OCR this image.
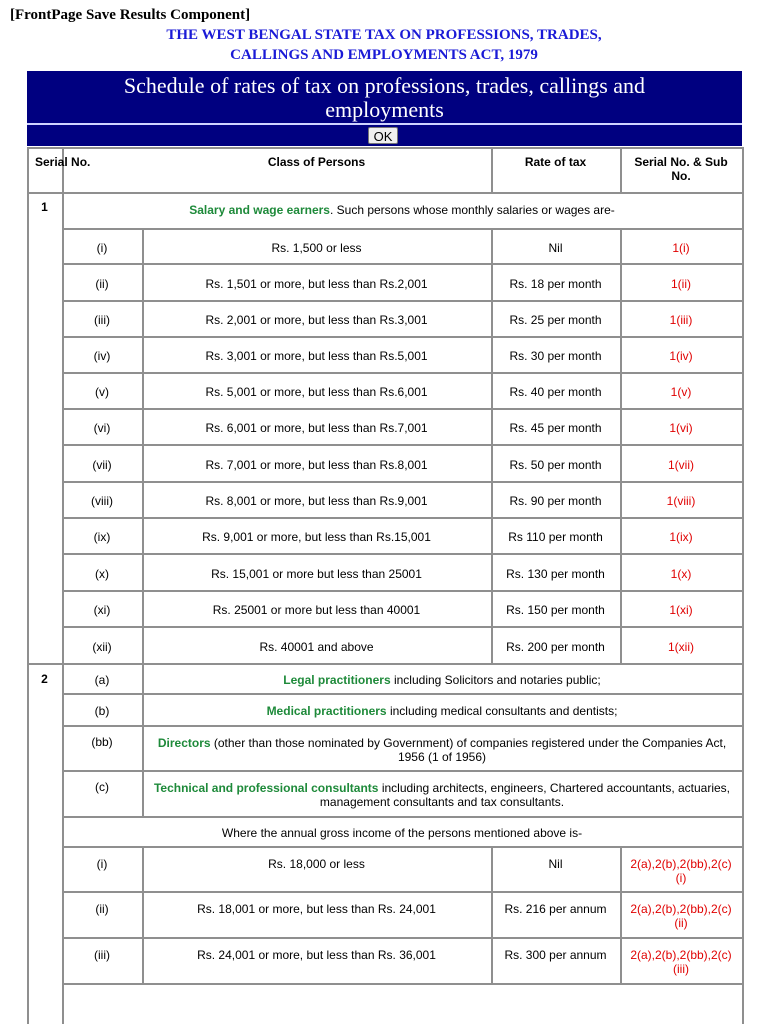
[FrontPage Save Results Component]
THE WEST BENGAL STATE TAX ON PROFESSIONS, TRADES,
CALLINGS AND EMPLOYMENTS ACT, 1979
Schedule of rates of tax on professions, trades, callings and
employments
OK
Serial No.	Class of Persons	Rate of tax	Serial No. & Sub No.
1	Salary and wage earners. Such persons whose monthly salaries or wages are-
(i)	Rs. 1,500 or less	Nil	1(i)
(ii)	Rs. 1,501 or more, but less than Rs.2,001	Rs. 18 per month	1(ii)
(iii)	Rs. 2,001 or more, but less than Rs.3,001	Rs. 25 per month	1(iii)
(iv)	Rs. 3,001 or more, but less than Rs.5,001	Rs. 30 per month	1(iv)
(v)	Rs. 5,001 or more, but less than Rs.6,001	Rs. 40 per month	1(v)
(vi)	Rs. 6,001 or more, but less than Rs.7,001	Rs. 45 per month	1(vi)
(vii)	Rs. 7,001 or more, but less than Rs.8,001	Rs. 50 per month	1(vii)
(viii)	Rs. 8,001 or more, but less than Rs.9,001	Rs. 90 per month	1(viii)
(ix)	Rs. 9,001 or more, but less than Rs.15,001	Rs 110 per month	1(ix)
(x)	Rs. 15,001 or more but less than 25001	Rs. 130 per month	1(x)
(xi)	Rs. 25001 or more but less than 40001	Rs. 150 per month	1(xi)
(xii)	Rs. 40001 and above	Rs. 200 per month	1(xii)
2	(a)	Legal practitioners including Solicitors and notaries public;
(b)	Medical practitioners including medical consultants and dentists;
(bb)	Directors (other than those nominated by Government) of companies registered under the Companies Act, 1956 (1 of 1956)
(c)	Technical and professional consultants including architects, engineers, Chartered accountants, actuaries, management consultants and tax consultants.
Where the annual gross income of the persons mentioned above is-
(i)	Rs. 18,000 or less	Nil	2(a),2(b),2(bb),2(c) (i)
(ii)	Rs. 18,001 or more, but less than Rs. 24,001	Rs. 216 per annum	2(a),2(b),2(bb),2(c) (ii)
(iii)	Rs. 24,001 or more, but less than Rs. 36,001	Rs. 300 per annum	2(a),2(b),2(bb),2(c) (iii)
